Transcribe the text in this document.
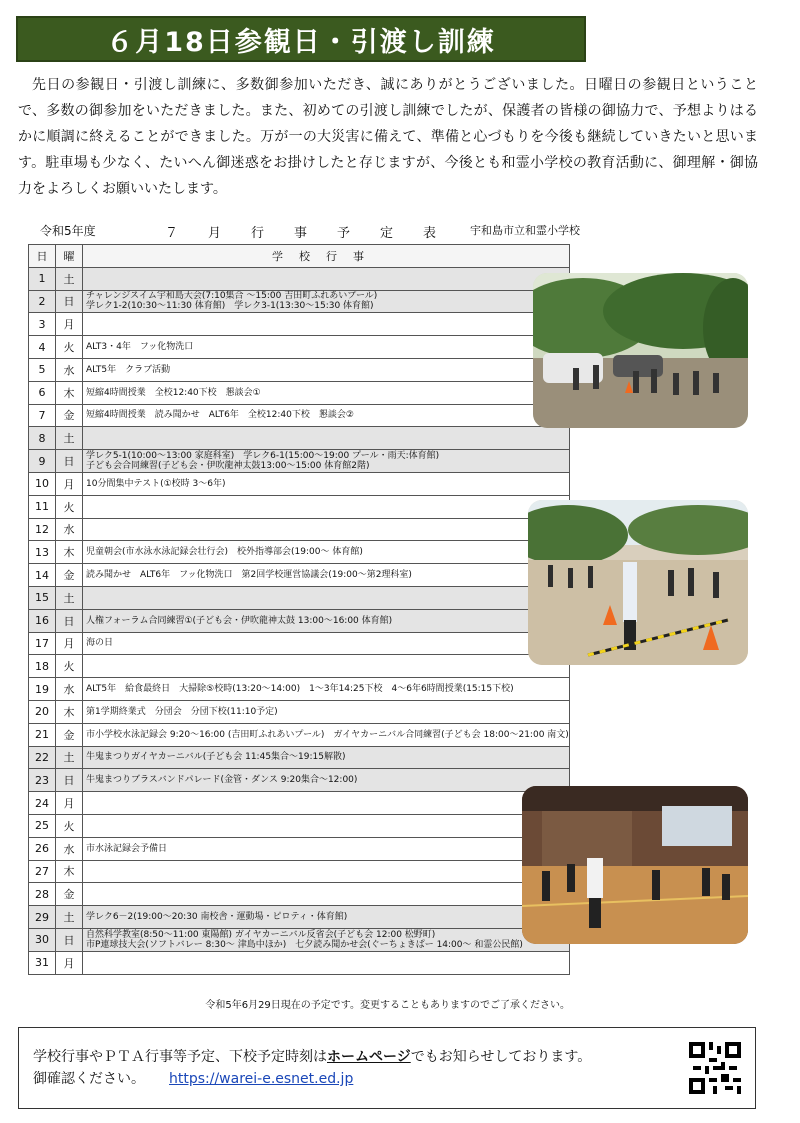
６月18日参観日・引渡し訓練

先日の参観日・引渡し訓練に、多数御参加いただき、誠にありがとうございました。日曜日の参観日ということで、多数の御参加をいただきました。また、初めての引渡し訓練でしたが、保護者の皆様の御協力で、予想よりはるかに順調に終えることができました。万が一の大災害に備えて、準備と心づもりを今後も継続していきたいと思います。駐車場も少なく、たいへん御迷惑をお掛けしたと存じますが、今後とも和霊小学校の教育活動に、御理解・御協力をよろしくお願いいたします。

令和5年度	７月行事予定表 宇和島市立和霊小学校
日	曜	学校行事
1	土	
2	日	チャレンジスイム宇和島大会(7:10集合 ～15:00 吉田町ふれあいプール)
学レク1-2(10:30～11:30 体育館)　学レク3-1(13:30～15:30 体育館)
3	月	
4	火	ALT3・4年　フッ化物洗口
5	水	ALT5年　クラブ活動
6	木	短縮4時間授業　全校12:40下校　懇談会①
7	金	短縮4時間授業　読み聞かせ　ALT6年　全校12:40下校　懇談会②
8	土	
9	日	学レク5-1(10:00～13:00 家庭科室)　学レク6-1(15:00～19:00 プール・雨天:体育館)
子ども会合同練習(子ども会・伊吹龍神太鼓13:00～15:00 体育館2階)
10	月	10分間集中テスト(①校時 3～6年)
11	火	
12	水	
13	木	児童朝会(市水泳水泳記録会壮行会)　校外指導部会(19:00～ 体育館)
14	金	読み聞かせ　ALT6年　フッ化物洗口　第2回学校運営協議会(19:00～第2理科室)
15	土	
16	日	人権フォーラム合同練習①(子ども会・伊吹龍神太鼓 13:00～16:00 体育館)
17	月	海の日
18	火	
19	水	ALT5年　給食最終日　大掃除⑤校時(13:20～14:00)　1～3年14:25下校　4～6年6時間授業(15:15下校)
20	木	第1学期終業式　分団会　分団下校(11:10予定)
21	金	市小学校水泳記録会 9:20～16:00 (吉田町ふれあいプール)　ガイヤカーニバル合同練習(子ども会 18:00～21:00 南文)
22	土	牛鬼まつりガイヤカーニバル(子ども会 11:45集合～19:15解散)
23	日	牛鬼まつりブラスバンドパレード(金管・ダンス 9:20集合～12:00)
24	月	
25	火	
26	水	市水泳記録会予備日
27	木	
28	金	
29	土	学レク6－2(19:00～20:30 南校舎・運動場・ピロティ・体育館)
30	日	自然科学教室(8:50～11:00 東陽館) ガイヤカーニバル反省会(子ども会 12:00 松野町)
市P連球技大会(ソフトバレー 8:30～ 津島中ほか)　七夕読み聞かせ会(ぐーちょきぱー 14:00～ 和霊公民館)
31	月	
令和5年6月29日現在の予定です。変更することもありますのでご了承ください。
学校行事やＰＴＡ行事等予定、下校予定時刻はホームページでもお知らせしております。
御確認ください。 https://warei-e.esnet.ed.jp
